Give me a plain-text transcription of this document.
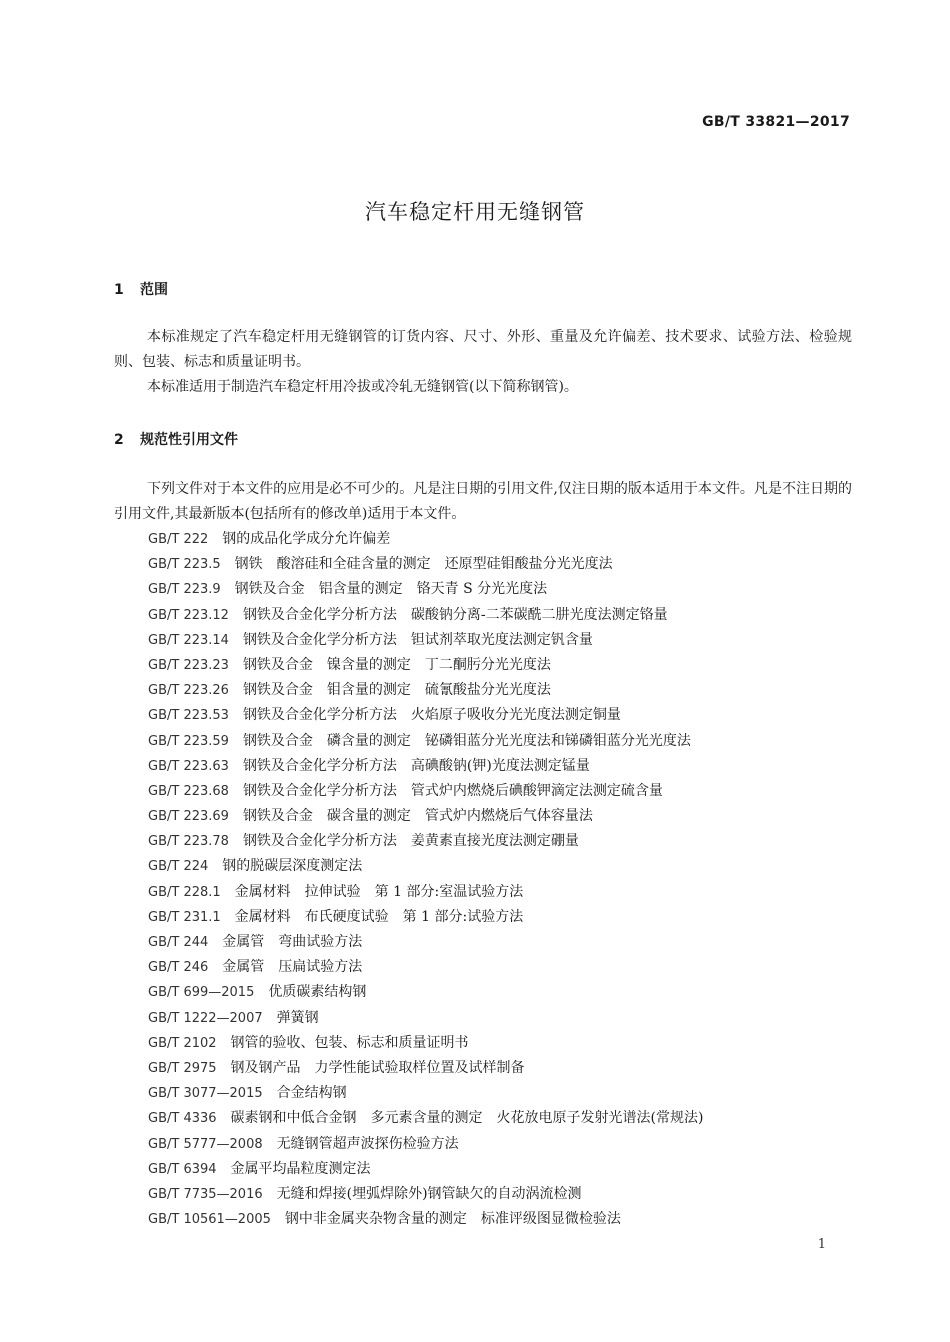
GB/T 33821—2017
汽车稳定杆用无缝钢管
1 范围

本标准规定了汽车稳定杆用无缝钢管的订货内容、尺寸、外形、重量及允许偏差、技术要求、试验方法、检验规则、包装、标志和质量证明书。

本标准适用于制造汽车稳定杆用冷拔或冷轧无缝钢管(以下简称钢管)。

2 规范性引用文件

下列文件对于本文件的应用是必不可少的。凡是注日期的引用文件,仅注日期的版本适用于本文件。凡是不注日期的引用文件,其最新版本(包括所有的修改单)适用于本文件。

GB/T 222　 钢的成品化学成分允许偏差
GB/T 223.5　 钢铁　酸溶硅和全硅含量的测定　还原型硅钼酸盐分光光度法
GB/T 223.9　 钢铁及合金　铝含量的测定　铬天青 S 分光光度法
GB/T 223.12　 钢铁及合金化学分析方法　碳酸钠分离-二苯碳酰二肼光度法测定铬量
GB/T 223.14　 钢铁及合金化学分析方法　钽试剂萃取光度法测定钒含量
GB/T 223.23　 钢铁及合金　镍含量的测定　丁二酮肟分光光度法
GB/T 223.26　 钢铁及合金　钼含量的测定　硫氰酸盐分光光度法
GB/T 223.53　 钢铁及合金化学分析方法　火焰原子吸收分光光度法测定铜量
GB/T 223.59　 钢铁及合金　磷含量的测定　铋磷钼蓝分光光度法和锑磷钼蓝分光光度法
GB/T 223.63　 钢铁及合金化学分析方法　高碘酸钠(钾)光度法测定锰量
GB/T 223.68　 钢铁及合金化学分析方法　管式炉内燃烧后碘酸钾滴定法测定硫含量
GB/T 223.69　 钢铁及合金　碳含量的测定　管式炉内燃烧后气体容量法
GB/T 223.78　 钢铁及合金化学分析方法　姜黄素直接光度法测定硼量
GB/T 224　 钢的脱碳层深度测定法
GB/T 228.1　 金属材料　拉伸试验　第 1 部分:室温试验方法
GB/T 231.1　 金属材料　布氏硬度试验　第 1 部分:试验方法
GB/T 244　 金属管　弯曲试验方法
GB/T 246　 金属管　压扁试验方法
GB/T 699—2015　 优质碳素结构钢
GB/T 1222—2007　 弹簧钢
GB/T 2102　 钢管的验收、包装、标志和质量证明书
GB/T 2975　 钢及钢产品　力学性能试验取样位置及试样制备
GB/T 3077—2015　 合金结构钢
GB/T 4336　 碳素钢和中低合金钢　多元素含量的测定　火花放电原子发射光谱法(常规法)
GB/T 5777—2008　 无缝钢管超声波探伤检验方法
GB/T 6394　 金属平均晶粒度测定法
GB/T 7735—2016　 无缝和焊接(埋弧焊除外)钢管缺欠的自动涡流检测
GB/T 10561—2005　 钢中非金属夹杂物含量的测定　标准评级图显微检验法
1
